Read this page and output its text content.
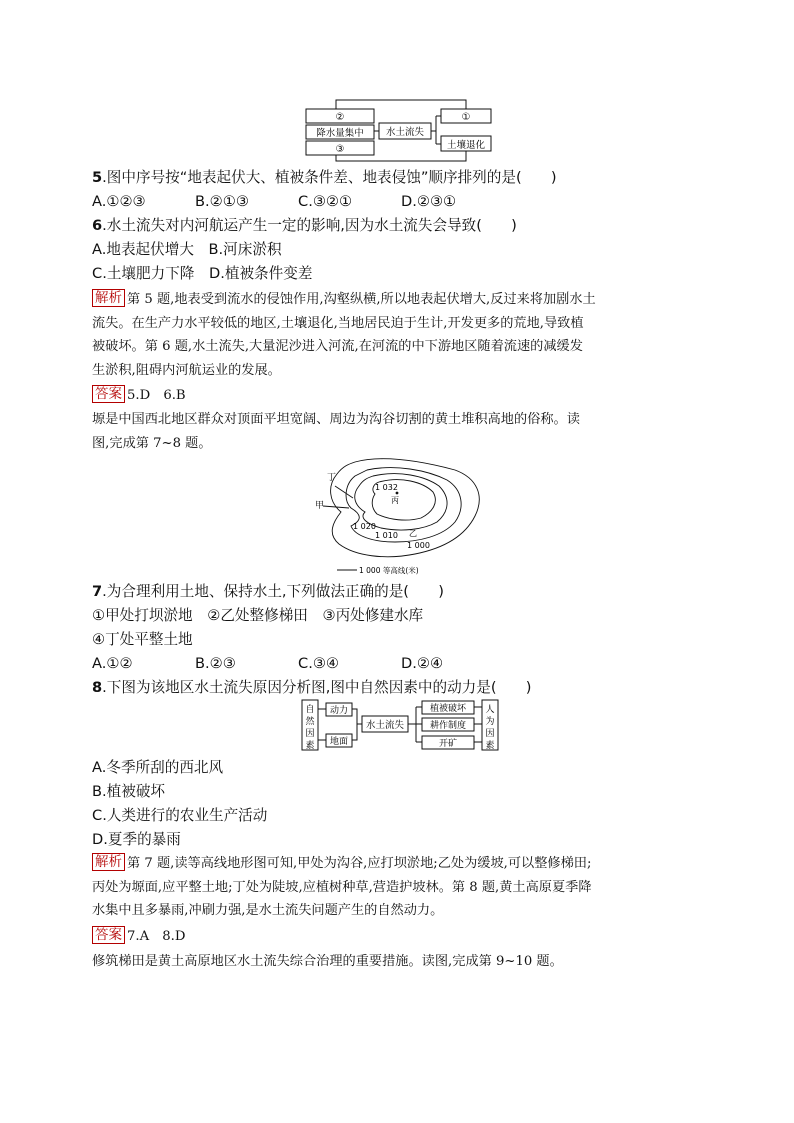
②
降水量集中
③
水土流失
①
土壤退化
5.图中序号按“地表起伏大、植被条件差、地表侵蚀”顺序排列的是(　　)
A.①②③	B.②①③	C.③②①	D.②③①
6.水土流失对内河航运产生一定的影响,因为水土流失会导致(　　)
A.地表起伏增大　B.河床淤积
C.土壤肥力下降　D.植被条件变差
解析 第 5 题,地表受到流水的侵蚀作用,沟壑纵横,所以地表起伏增大,反过来将加剧水土
流失。在生产力水平较低的地区,土壤退化,当地居民迫于生计,开发更多的荒地,导致植
被破坏。第 6 题,水土流失,大量泥沙进入河流,在河流的中下游地区随着流速的减缓发
生淤积,阻碍内河航运业的发展。
答案 5.D　6.B
塬是中国西北地区群众对顶面平坦宽阔、周边为沟谷切割的黄土堆积高地的俗称。读
图,完成第 7~8 题。
丁
甲
1 032
丙
1 020
1 010 乙
1 000
1 000 等高线(米)
7.为合理利用土地、保持水土,下列做法正确的是(　　)
①甲处打坝淤地　②乙处整修梯田　③丙处修建水库
④丁处平整土地
A.①②	B.②③	C.③④	D.②④
8.下图为该地区水土流失原因分析图,图中自然因素中的动力是(　　)
自然因素
动力
地面
水土流失
植被破坏
耕作制度
开矿
人为因素
A.冬季所刮的西北风
B.植被破坏
C.人类进行的农业生产活动
D.夏季的暴雨
解析 第 7 题,读等高线地形图可知,甲处为沟谷,应打坝淤地;乙处为缓坡,可以整修梯田;
丙处为塬面,应平整土地;丁处为陡坡,应植树种草,营造护坡林。第 8 题,黄土高原夏季降
水集中且多暴雨,冲刷力强,是水土流失问题产生的自然动力。
答案 7.A　8.D
修筑梯田是黄土高原地区水土流失综合治理的重要措施。读图,完成第 9~10 题。
